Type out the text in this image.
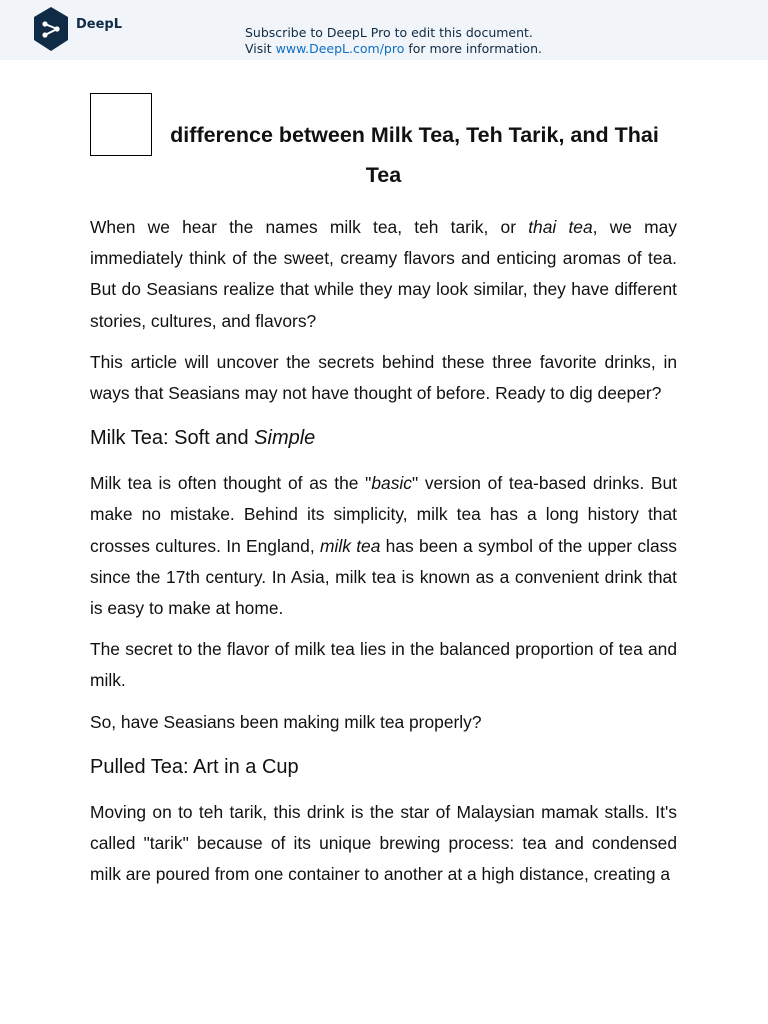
DeepL
Subscribe to DeepL Pro to edit this document.
Visit www.DeepL.com/pro for more information.
difference between Milk Tea, Teh Tarik, and Thai
Tea

When we hear the names milk tea, teh tarik, or thai tea, we may immediately think of the sweet, creamy flavors and enticing aromas of tea. But do Seasians realize that while they may look similar, they have different stories, cultures, and flavors?

This article will uncover the secrets behind these three favorite drinks, in ways that Seasians may not have thought of before. Ready to dig deeper?

Milk Tea: Soft and Simple

Milk tea is often thought of as the "basic" version of tea-based drinks. But make no mistake. Behind its simplicity, milk tea has a long history that crosses cultures. In England, milk tea has been a symbol of the upper class since the 17th century. In Asia, milk tea is known as a convenient drink that is easy to make at home.

The secret to the flavor of milk tea lies in the balanced proportion of tea and milk.

So, have Seasians been making milk tea properly?

Pulled Tea: Art in a Cup

Moving on to teh tarik, this drink is the star of Malaysian mamak stalls. It's called "tarik" because of its unique brewing process: tea and condensed milk are poured from one container to another at a high distance, creating a
